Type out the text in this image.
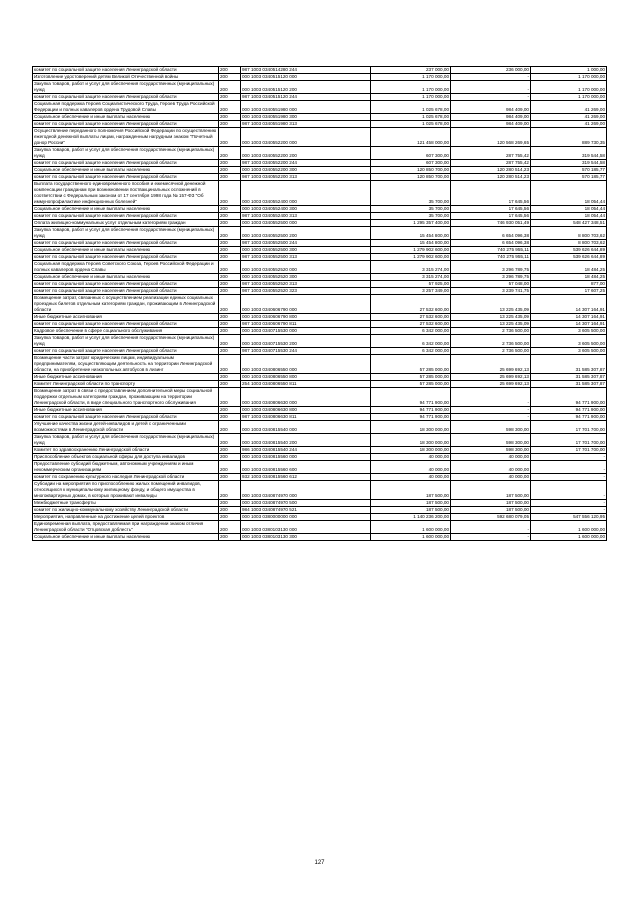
комитет по социальной защите населения Ленинградской области	200	987 1003 0340514280 244	237 000,00	236 000,00	1 000,00
Изготовление удостоверений детям Великой Отечественной войны	200	000 1003 0340515120 000	1 170 000,00	-	1 170 000,00
Закупка товаров, работ и услуг для обеспечения государственных (муниципальных) нужд	200	000 1003 0340515120 200	1 170 000,00	-	1 170 000,00
комитет по социальной защите населения Ленинградской области	200	987 1003 0340515120 244	1 170 000,00	-	1 170 000,00
Социальная поддержка Героев Социалистического Труда, Героев Труда Российской Федерации и полных кавалеров ордена Трудовой Славы	200	000 1003 0340551980 000	1 025 678,00	984 409,00	41 269,00
Социальное обеспечение и иные выплаты населению	200	000 1003 0340551980 300	1 025 678,00	984 409,00	41 269,00
комитет по социальной защите населения Ленинградской области	200	987 1003 0340551980 313	1 025 678,00	984 409,00	41 269,00
Осуществление переданного полномочия Российской Федерации по осуществлению ежегодной денежной выплаты лицам, награжденным нагрудным знаком "Почетный донор России"	200	000 1003 0340552200 000	121 458 000,00	120 568 269,65	889 730,35
Закупка товаров, работ и услуг для обеспечения государственных (муниципальных) нужд	200	000 1003 0340552200 200	607 300,00	287 755,42	319 544,58
комитет по социальной защите населения Ленинградской области	200	987 1003 0340552200 244	607 300,00	287 755,42	319 544,58
Социальное обеспечение и иные выплаты населению	200	000 1003 0340552200 300	120 850 700,00	120 280 514,23	570 185,77
комитет по социальной защите населения Ленинградской области	200	987 1003 0340552200 313	120 850 700,00	120 280 514,23	570 185,77
Выплата государственного единовременного пособия и ежемесячной денежной компенсации гражданам при возникновении поствакцинальных осложнений в соответствии с Федеральным законом от 17 сентября 1998 года № 157-ФЗ "Об иммунопрофилактике инфекционных болезней"	200	000 1003 0340552400 000	35 700,00	17 645,56	18 054,44
Социальное обеспечение и иные выплаты населению	200	000 1003 0340552400 300	35 700,00	17 645,56	18 054,44
комитет по социальной защите населения Ленинградской области	200	987 1003 0340552400 313	35 700,00	17 645,56	18 054,44
Оплата жилищно-коммунальных услуг отдельным категориям граждан	200	000 1003 0340552500 000	1 295 357 400,00	746 930 051,49	548 427 348,51
Закупка товаров, работ и услуг для обеспечения государственных (муниципальных) нужд	200	000 1003 0340552500 200	15 454 800,00	6 654 096,38	8 800 703,62
комитет по социальной защите населения Ленинградской области	200	987 1003 0340552500 244	15 454 800,00	6 654 096,38	8 800 703,62
Социальное обеспечение и иные выплаты населению	200	000 1003 0340552500 300	1 279 902 600,00	740 275 955,11	539 626 644,89
комитет по социальной защите населения Ленинградской области	200	987 1003 0340552500 313	1 279 902 600,00	740 275 955,11	539 626 644,89
Социальная поддержка Героев Советского Союза, Героев Российской Федерации и полных кавалеров ордена Славы	200	000 1003 0340552520 000	3 315 274,00	3 296 789,75	18 484,25
Социальное обеспечение и иные выплаты населению	200	000 1003 0340552520 300	3 315 274,00	3 296 789,75	18 484,25
комитет по социальной защите населения Ленинградской области	200	987 1003 0340552520 313	57 925,00	57 048,00	877,00
комитет по социальной защите населения Ленинградской области	200	987 1003 0340552520 323	3 257 349,00	3 239 741,75	17 607,25
Возмещение затрат, связанных с осуществлением реализации единых социальных проездных билетов отдельным категориям граждан, проживающим в Ленинградской области	200	000 1003 0340606790 000	27 532 600,00	13 225 435,09	14 307 164,91
Иные бюджетные ассигнования	200	000 1003 0340606790 800	27 532 600,00	13 225 435,09	14 307 164,91
комитет по социальной защите населения Ленинградской области	200	987 1003 0340606790 811	27 532 600,00	13 225 435,09	14 307 164,91
Кадровое обеспечение в сфере социального обслуживания	200	000 1003 0340715530 000	6 342 000,00	2 736 500,00	3 605 500,00
Закупка товаров, работ и услуг для обеспечения государственных (муниципальных) нужд	200	000 1003 0340715530 200	6 342 000,00	2 736 500,00	3 605 500,00
комитет по социальной защите населения Ленинградской области	200	987 1003 0340715530 244	6 342 000,00	2 736 500,00	3 605 500,00
Возмещение части затрат юридическим лицам, индивидуальным предпринимателям, осуществляющим деятельность на территории Ленинградской области, на приобретение низкопольных автобусов в лизинг	200	000 1003 0340806550 000	57 285 000,00	25 699 692,13	31 585 307,87
Иные бюджетные ассигнования	200	000 1003 0340806550 800	57 285 000,00	25 699 692,13	31 585 307,87
Комитет Ленинградской области по транспорту	200	254 1003 0340806550 811	57 285 000,00	25 699 692,13	31 585 307,87
Возмещение затрат в связи с предоставлением дополнительной меры социальной поддержки отдельным категориям граждан, проживающим на территории Ленинградской области, в виде специального транспортного обслуживания	200	000 1003 0340806630 000	94 771 900,00	-	94 771 900,00
Иные бюджетные ассигнования	200	000 1003 0340806630 800	94 771 900,00	-	94 771 900,00
комитет по социальной защите населения Ленинградской области	200	987 1003 0340806630 811	94 771 900,00	-	94 771 900,00
Улучшение качества жизни детей-инвалидов и детей с ограниченными возможностями в Ленинградской области	200	000 1003 0340815540 000	18 300 000,00	598 300,00	17 701 700,00
Закупка товаров, работ и услуг для обеспечения государственных (муниципальных) нужд	200	000 1003 0340815540 200	18 300 000,00	598 300,00	17 701 700,00
Комитет по здравоохранению Ленинградской области	200	986 1003 0340815540 244	18 300 000,00	598 300,00	17 701 700,00
Приспособление объектов социальной сферы для доступа инвалидов	200	000 1003 0340815560 000	40 000,00	40 000,00	-
Предоставление субсидий бюджетным, автономным учреждениям и иным некоммерческим организациям	200	000 1003 0340815560 600	40 000,00	40 000,00	-
комитет по сохранению культурного наследия Ленинградской области	200	932 1003 0340815560 612	40 000,00	40 000,00	-
Субсидии на мероприятия по приспособлению жилых помещений инвалидов, относящихся к муниципальному жилищному фонду, и общего имущества в многоквартирных домах, в которых проживают инвалиды	200	000 1003 0340874970 000	187 500,00	187 500,00	-
Межбюджетные трансферты	200	000 1003 0340874970 500	187 500,00	187 500,00	-
комитет по жилищно-коммунальному хозяйству Ленинградской области	200	984 1003 0340874970 521	187 500,00	187 500,00	-
Мероприятия, направленные на достижение целей проектов	200	000 1003 0380000000 000	1 140 236 200,00	592 680 079,05	547 556 120,95
Единовременная выплата, предоставляемая при награждении знаком отличия Ленинградской области "Отцовская доблесть"	200	000 1003 0380103130 000	1 600 000,00	-	1 600 000,00
Социальное обеспечение и иные выплаты населению	200	000 1003 0380103130 300	1 600 000,00	-	1 600 000,00
127
